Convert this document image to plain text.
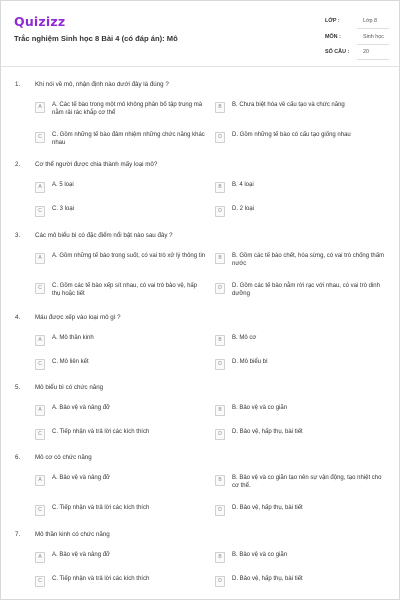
Quizizz
Trắc nghiệm Sinh học 8 Bài 4 (có đáp án): Mô
LỚP :	Lớp 8
MÔN :	Sinh học
SỐ CÂU :	20
1. Khi nói về mô, nhận định nào dưới đây là đúng ?
A	A. Các tế bào trong một mô không phân bố tập trung mà nằm rải rác khắp cơ thể
B	B. Chưa biệt hóa về cấu tạo và chức năng
C	C. Gồm những tế bào đảm nhiệm những chức năng khác nhau
D	D. Gồm những tế bào có cấu tạo giống nhau
2. Cơ thể người được chia thành mấy loại mô?
A	A. 5 loại	B	B. 4 loại
C	C. 3 loại	D	D. 2 loại
3. Các mô biểu bì có đặc điểm nổi bật nào sau đây ?
A	A. Gồm những tế bào trong suốt, có vai trò xử lý thông tin	B	B. Gồm các tế bào chết, hóa sừng, có vai trò chống thấm nước
C	C. Gồm các tế bào xếp sít nhau, có vai trò bảo vệ, hấp thụ hoặc tiết
D	D. Gồm các tế bào nằm rời rạc với nhau, có vai trò dinh dưỡng
4. Máu được xếp vào loại mô gì ?
A	A. Mô thần kinh	B	B. Mô cơ
C	C. Mô liên kết	D	D. Mô biểu bì
5. Mô biểu bì có chức năng
A	A. Bảo vệ và nâng đỡ	B	B. Bảo vệ và co giãn
C	C. Tiếp nhận và trả lời các kích thích	D	D. Bảo vệ, hấp thụ, bài tiết
6. Mô cơ có chức năng
A	A. Bảo vệ và nâng đỡ	B	B. Bảo vệ và co giãn tạo nên sự vận động, tạo nhiệt cho cơ thể.
C	C. Tiếp nhận và trả lời các kích thích	D	D. Bảo vệ, hấp thụ, bài tiết
7. Mô thần kinh có chức năng
A	A. Bảo vệ và nâng đỡ	B	B. Bảo vệ và co giãn
C	C. Tiếp nhận và trả lời các kích thích	D	D. Bảo vệ, hấp thụ, bài tiết
